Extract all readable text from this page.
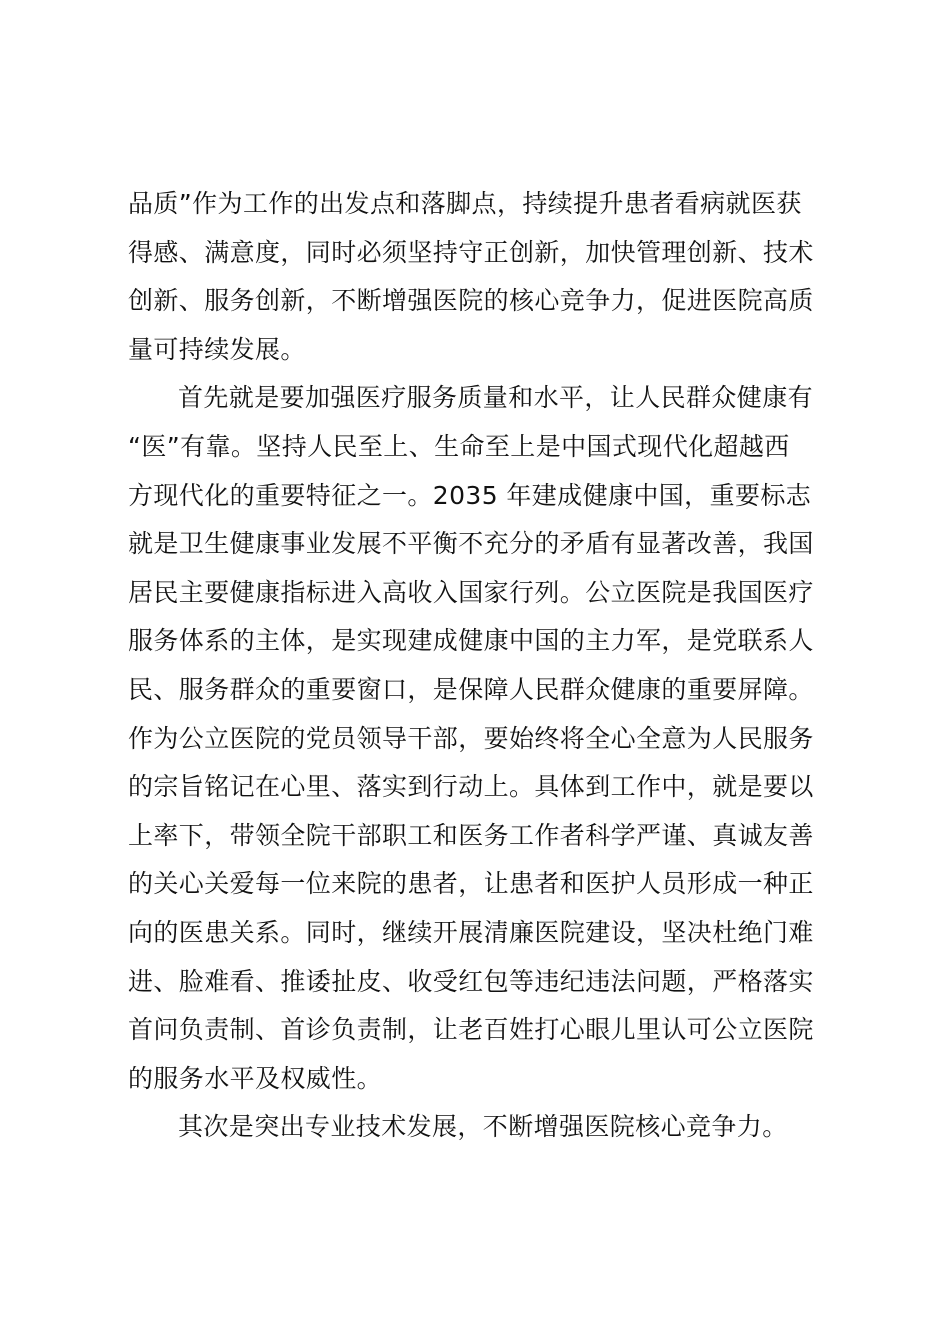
品质”作为工作的出发点和落脚点，持续提升患者看病就医获
得感、满意度，同时必须坚持守正创新，加快管理创新、技术
创新、服务创新，不断增强医院的核心竞争力，促进医院高质
量可持续发展。
首先就是要加强医疗服务质量和水平，让人民群众健康有
“医”有靠。坚持人民至上、生命至上是中国式现代化超越西
方现代化的重要特征之一。2035 年建成健康中国，重要标志
就是卫生健康事业发展不平衡不充分的矛盾有显著改善，我国
居民主要健康指标进入高收入国家行列。公立医院是我国医疗
服务体系的主体，是实现建成健康中国的主力军，是党联系人
民、服务群众的重要窗口，是保障人民群众健康的重要屏障。
作为公立医院的党员领导干部，要始终将全心全意为人民服务
的宗旨铭记在心里、落实到行动上。具体到工作中，就是要以
上率下，带领全院干部职工和医务工作者科学严谨、真诚友善
的关心关爱每一位来院的患者，让患者和医护人员形成一种正
向的医患关系。同时，继续开展清廉医院建设，坚决杜绝门难
进、脸难看、推诿扯皮、收受红包等违纪违法问题，严格落实
首问负责制、首诊负责制，让老百姓打心眼儿里认可公立医院
的服务水平及权威性。
其次是突出专业技术发展，不断增强医院核心竞争力。
